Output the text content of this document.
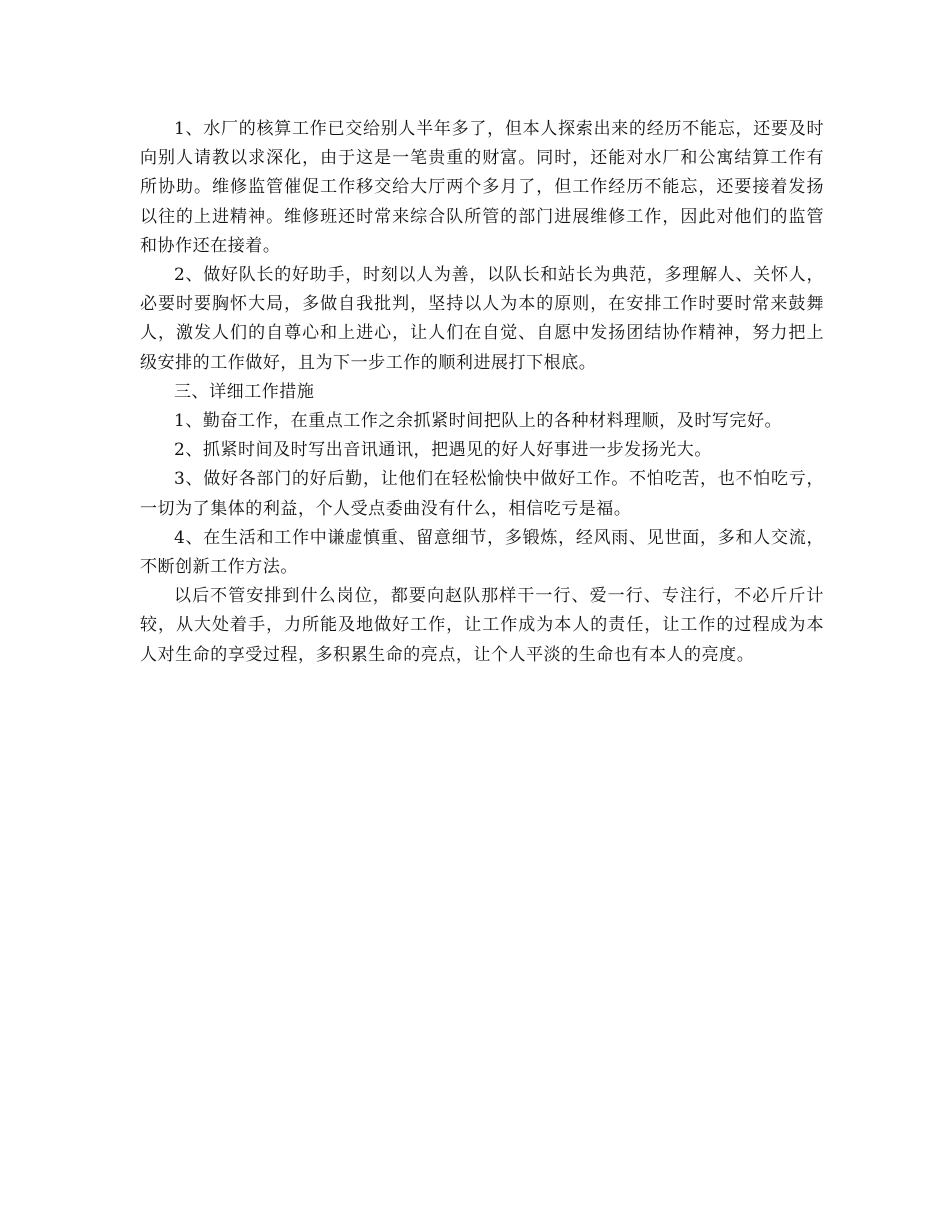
1、水厂的核算工作已交给别人半年多了，但本人探索出来的经历不能忘，还要及时向别人请教以求深化，由于这是一笔贵重的财富。同时，还能对水厂和公寓结算工作有所协助。维修监管催促工作移交给大厅两个多月了，但工作经历不能忘，还要接着发扬以往的上进精神。维修班还时常来综合队所管的部门进展维修工作，因此对他们的监管和协作还在接着。

2、做好队长的好助手，时刻以人为善，以队长和站长为典范，多理解人、关怀人，必要时要胸怀大局，多做自我批判，坚持以人为本的原则，在安排工作时要时常来鼓舞人，激发人们的自尊心和上进心，让人们在自觉、自愿中发扬团结协作精神，努力把上级安排的工作做好，且为下一步工作的顺利进展打下根底。

三、详细工作措施

1、勤奋工作，在重点工作之余抓紧时间把队上的各种材料理顺，及时写完好。

2、抓紧时间及时写出音讯通讯，把遇见的好人好事进一步发扬光大。

3、做好各部门的好后勤，让他们在轻松愉快中做好工作。不怕吃苦，也不怕吃亏，一切为了集体的利益，个人受点委曲没有什么，相信吃亏是福。

4、在生活和工作中谦虚慎重、留意细节，多锻炼，经风雨、见世面，多和人交流，不断创新工作方法。

以后不管安排到什么岗位，都要向赵队那样干一行、爱一行、专注行，不必斤斤计较，从大处着手，力所能及地做好工作，让工作成为本人的责任，让工作的过程成为本人对生命的享受过程，多积累生命的亮点，让个人平淡的生命也有本人的亮度。
